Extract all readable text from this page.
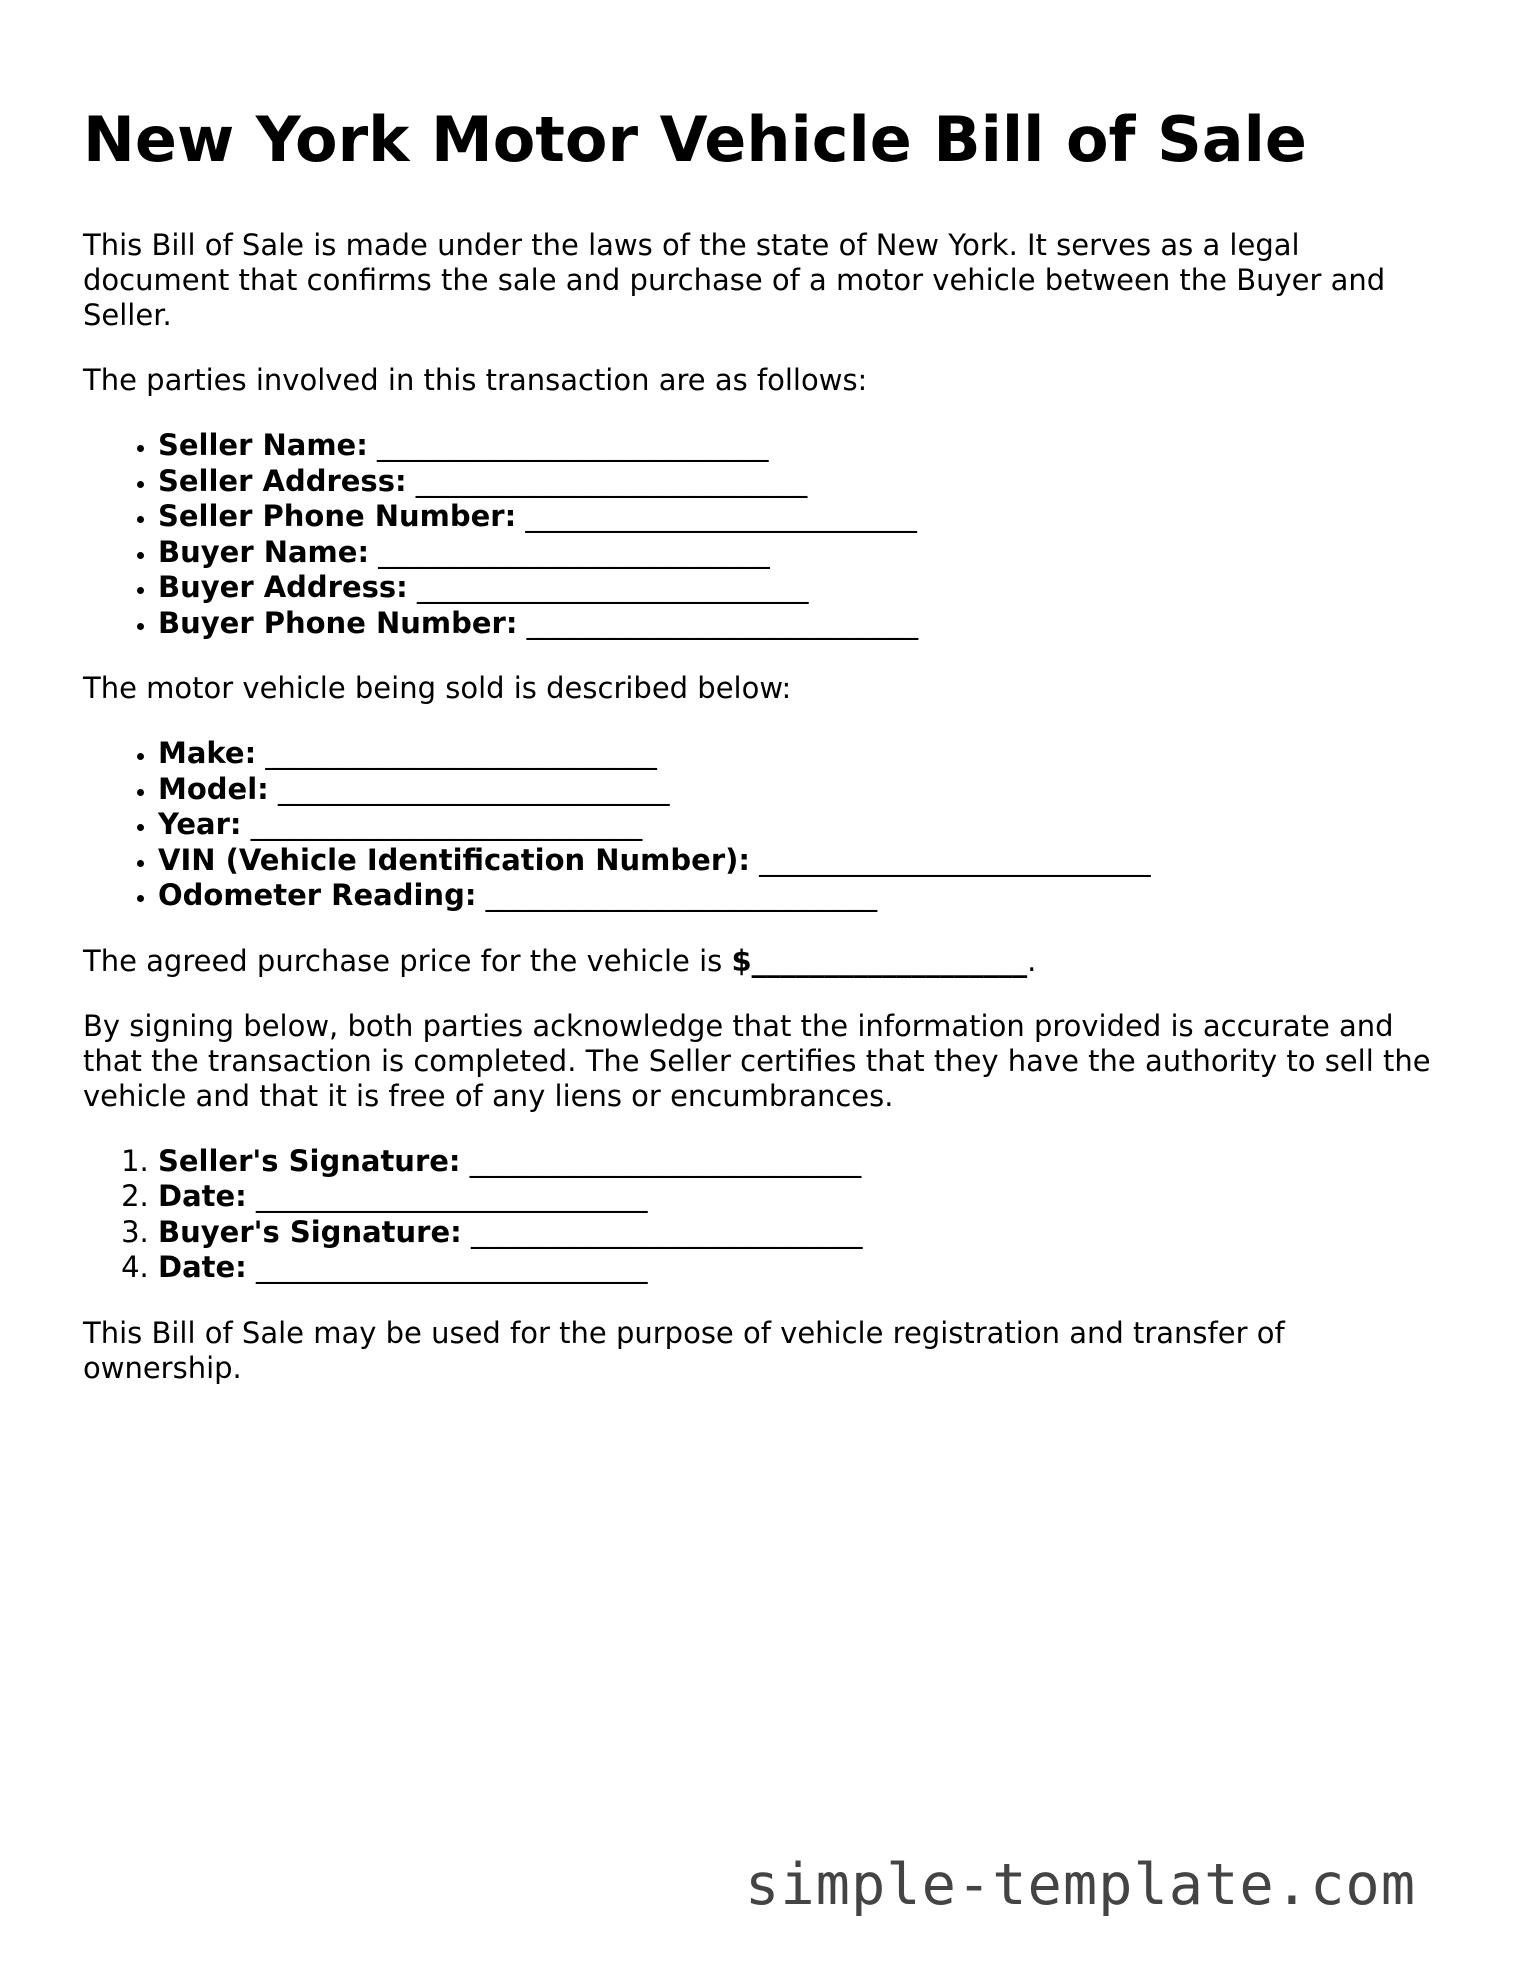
New York Motor Vehicle Bill of Sale

This Bill of Sale is made under the laws of the state of New York. It serves as a legal document that confirms the sale and purchase of a motor vehicle between the Buyer and Seller.

The parties involved in this transaction are as follows:

• Seller Name: ___________________________
• Seller Address: ___________________________
• Seller Phone Number: ___________________________
• Buyer Name: ___________________________
• Buyer Address: ___________________________
• Buyer Phone Number: ___________________________

The motor vehicle being sold is described below:

• Make: ___________________________
• Model: ___________________________
• Year: ___________________________
• VIN (Vehicle Identification Number): ___________________________
• Odometer Reading: ___________________________

The agreed purchase price for the vehicle is $___________________.

By signing below, both parties acknowledge that the information provided is accurate and that the transaction is completed. The Seller certifies that they have the authority to sell the vehicle and that it is free of any liens or encumbrances.

1. Seller's Signature: ___________________________
2. Date: ___________________________
3. Buyer's Signature: ___________________________
4. Date: ___________________________

This Bill of Sale may be used for the purpose of vehicle registration and transfer of ownership.

simple-template.com
